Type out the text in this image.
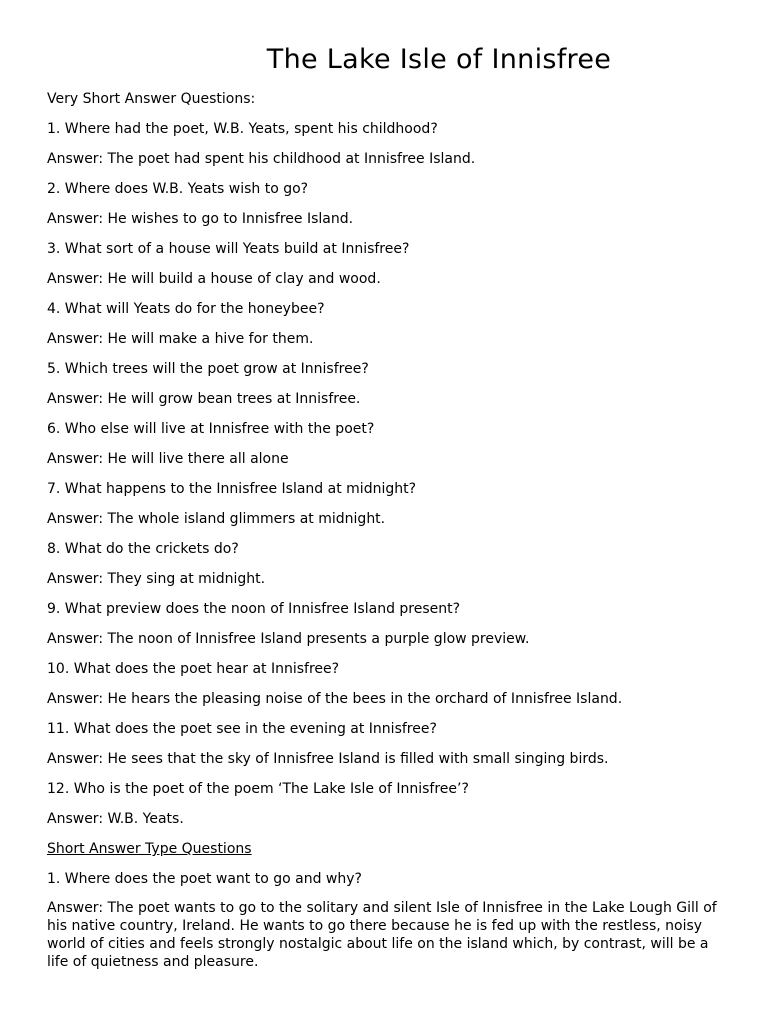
The Lake Isle of Innisfree
Very Short Answer Questions:
1. Where had the poet, W.B. Yeats, spent his childhood?
Answer: The poet had spent his childhood at Innisfree Island.
2. Where does W.B. Yeats wish to go?
Answer: He wishes to go to Innisfree Island.
3. What sort of a house will Yeats build at Innisfree?
Answer: He will build a house of clay and wood.
4. What will Yeats do for the honeybee?
Answer: He will make a hive for them.
5. Which trees will the poet grow at Innisfree?
Answer: He will grow bean trees at Innisfree.
6. Who else will live at Innisfree with the poet?
Answer: He will live there all alone
7. What happens to the Innisfree Island at midnight?
Answer: The whole island glimmers at midnight.
8. What do the crickets do?
Answer: They sing at midnight.
9. What preview does the noon of Innisfree Island present?
Answer: The noon of Innisfree Island presents a purple glow preview.
10. What does the poet hear at Innisfree?
Answer: He hears the pleasing noise of the bees in the orchard of Innisfree Island.
11. What does the poet see in the evening at Innisfree?
Answer: He sees that the sky of Innisfree Island is filled with small singing birds.
12. Who is the poet of the poem ‘The Lake Isle of Innisfree’?
Answer: W.B. Yeats.
Short Answer Type Questions
1. Where does the poet want to go and why?
Answer: The poet wants to go to the solitary and silent Isle of Innisfree in the Lake Lough Gill of his native country, Ireland. He wants to go there because he is fed up with the restless, noisy world of cities and feels strongly nostalgic about life on the island which, by contrast, will be a life of quietness and pleasure.
